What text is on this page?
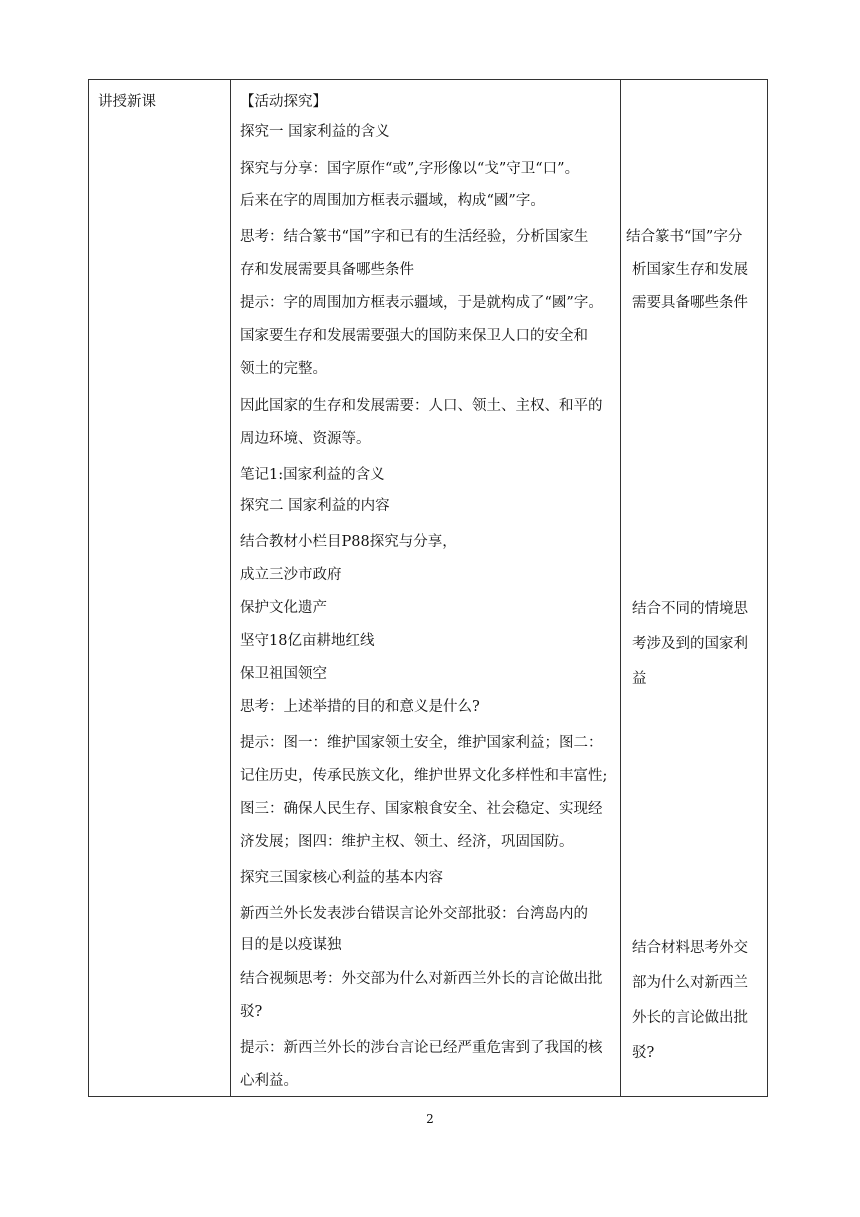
讲授新课	【活动探究】
探究一 国家利益的含义
探究与分享：国字原作“或”,字形像以“戈”守卫“口”。
后来在字的周围加方框表示疆域，构成“國”字。
思考：结合篆书“国”字和已有的生活经验，分析国家生
存和发展需要具备哪些条件
提示：字的周围加方框表示疆域，于是就构成了“國”字。
国家要生存和发展需要强大的国防来保卫人口的安全和
领土的完整。
因此国家的生存和发展需要：人口、领土、主权、和平的
周边环境、资源等。
笔记1:国家利益的含义
探究二 国家利益的内容
结合教材小栏目P88探究与分享，
成立三沙市政府
保护文化遗产
坚守18亿亩耕地红线
保卫祖国领空
思考：上述举措的目的和意义是什么?
提示：图一：维护国家领土安全，维护国家利益；图二：
记住历史，传承民族文化，维护世界文化多样性和丰富性;
图三：确保人民生存、国家粮食安全、社会稳定、实现经
济发展；图四：维护主权、领土、经济，巩固国防。
探究三国家核心利益的基本内容
新西兰外长发表涉台错误言论外交部批驳：台湾岛内的
目的是以疫谋独
结合视频思考：外交部为什么对新西兰外长的言论做出批
驳?
提示：新西兰外长的涉台言论已经严重危害到了我国的核
心利益。
结合篆书“国”字分
析国家生存和发展
需要具备哪些条件
结合不同的情境思
考涉及到的国家利
益
结合材料思考外交
部为什么对新西兰
外长的言论做出批
驳?
2
